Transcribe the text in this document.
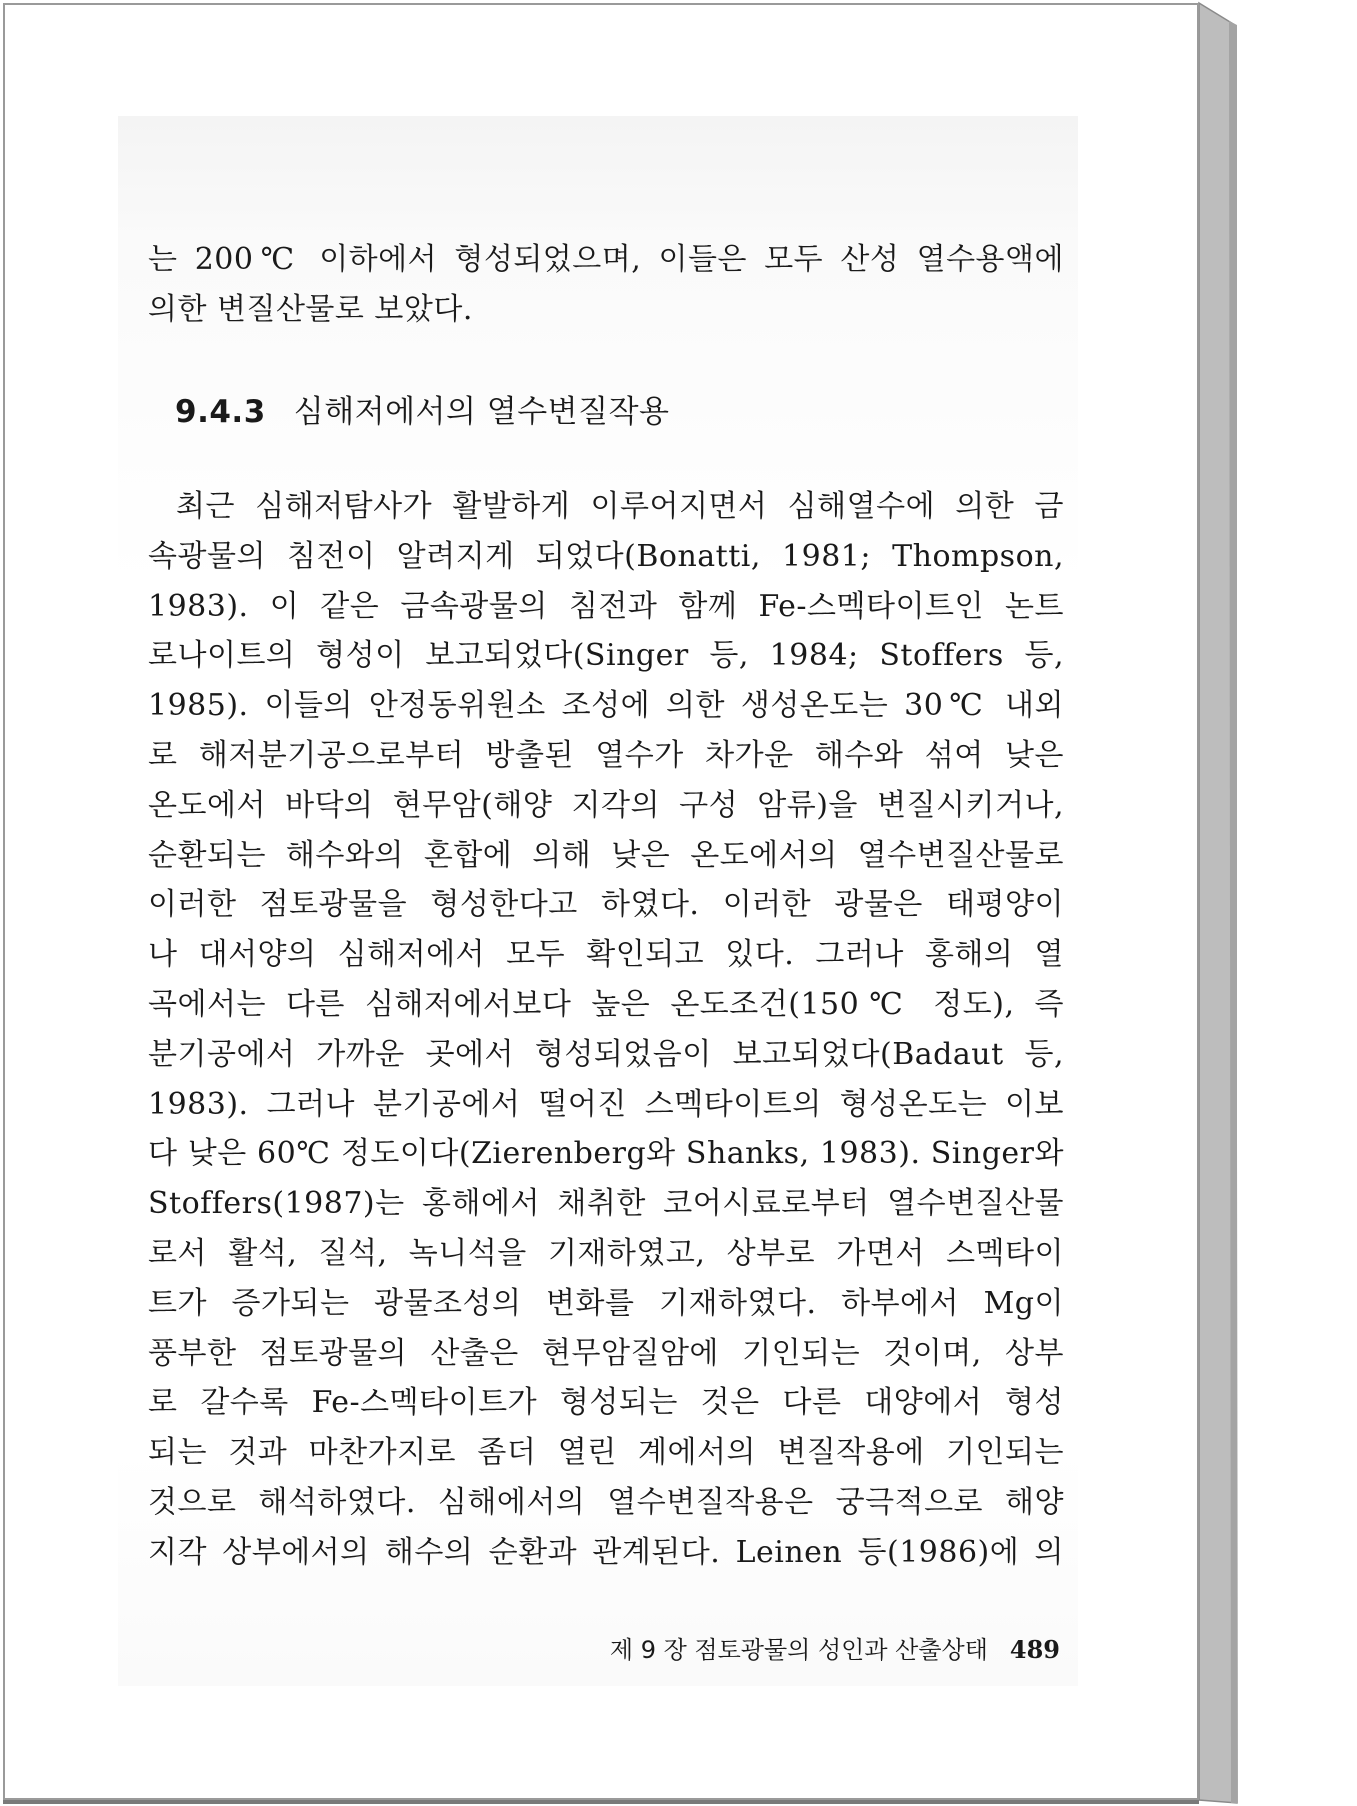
는 200℃ 이하에서 형성되었으며, 이들은 모두 산성 열수용액에
의한 변질산물로 보았다.
9.4.3 심해저에서의 열수변질작용
최근 심해저탐사가 활발하게 이루어지면서 심해열수에 의한 금
속광물의 침전이 알려지게 되었다(Bonatti, 1981; Thompson,
1983). 이 같은 금속광물의 침전과 함께 Fe-스멕타이트인 논트
로나이트의 형성이 보고되었다(Singer 등, 1984; Stoffers 등,
1985). 이들의 안정동위원소 조성에 의한 생성온도는 30℃ 내외
로 해저분기공으로부터 방출된 열수가 차가운 해수와 섞여 낮은
온도에서 바닥의 현무암(해양 지각의 구성 암류)을 변질시키거나,
순환되는 해수와의 혼합에 의해 낮은 온도에서의 열수변질산물로
이러한 점토광물을 형성한다고 하였다. 이러한 광물은 태평양이
나 대서양의 심해저에서 모두 확인되고 있다. 그러나 홍해의 열
곡에서는 다른 심해저에서보다 높은 온도조건(150℃ 정도), 즉
분기공에서 가까운 곳에서 형성되었음이 보고되었다(Badaut 등,
1983). 그러나 분기공에서 떨어진 스멕타이트의 형성온도는 이보
다 낮은 60℃ 정도이다(Zierenberg와 Shanks, 1983). Singer와
Stoffers(1987)는 홍해에서 채취한 코어시료로부터 열수변질산물
로서 활석, 질석, 녹니석을 기재하였고, 상부로 가면서 스멕타이
트가 증가되는 광물조성의 변화를 기재하였다. 하부에서 Mg이
풍부한 점토광물의 산출은 현무암질암에 기인되는 것이며, 상부
로 갈수록 Fe-스멕타이트가 형성되는 것은 다른 대양에서 형성
되는 것과 마찬가지로 좀더 열린 계에서의 변질작용에 기인되는
것으로 해석하였다. 심해에서의 열수변질작용은 궁극적으로 해양
지각 상부에서의 해수의 순환과 관계된다. Leinen 등(1986)에 의
제 9 장 점토광물의 성인과 산출상태 489
